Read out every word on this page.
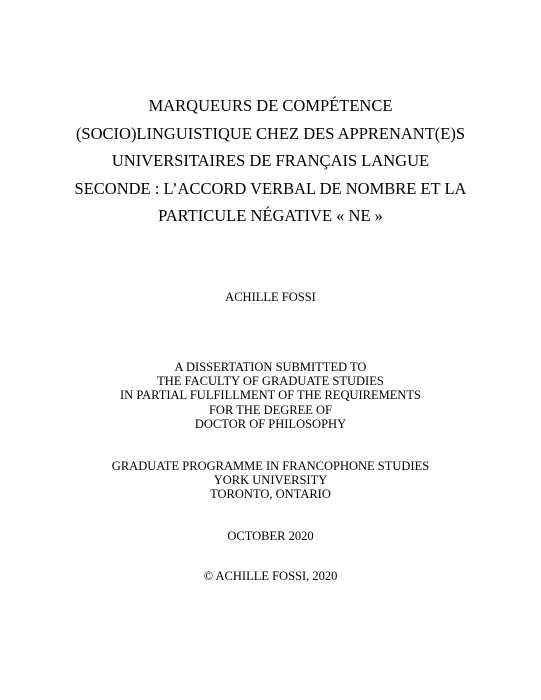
MARQUEURS DE COMPÉTENCE
(SOCIO)LINGUISTIQUE CHEZ DES APPRENANT(E)S
UNIVERSITAIRES DE FRANÇAIS LANGUE
SECONDE : L’ACCORD VERBAL DE NOMBRE ET LA
PARTICULE NÉGATIVE « NE »
ACHILLE FOSSI
A DISSERTATION SUBMITTED TO
THE FACULTY OF GRADUATE STUDIES
IN PARTIAL FULFILLMENT OF THE REQUIREMENTS
FOR THE DEGREE OF
DOCTOR OF PHILOSOPHY
GRADUATE PROGRAMME IN FRANCOPHONE STUDIES
YORK UNIVERSITY
TORONTO, ONTARIO
OCTOBER 2020
© ACHILLE FOSSI, 2020
